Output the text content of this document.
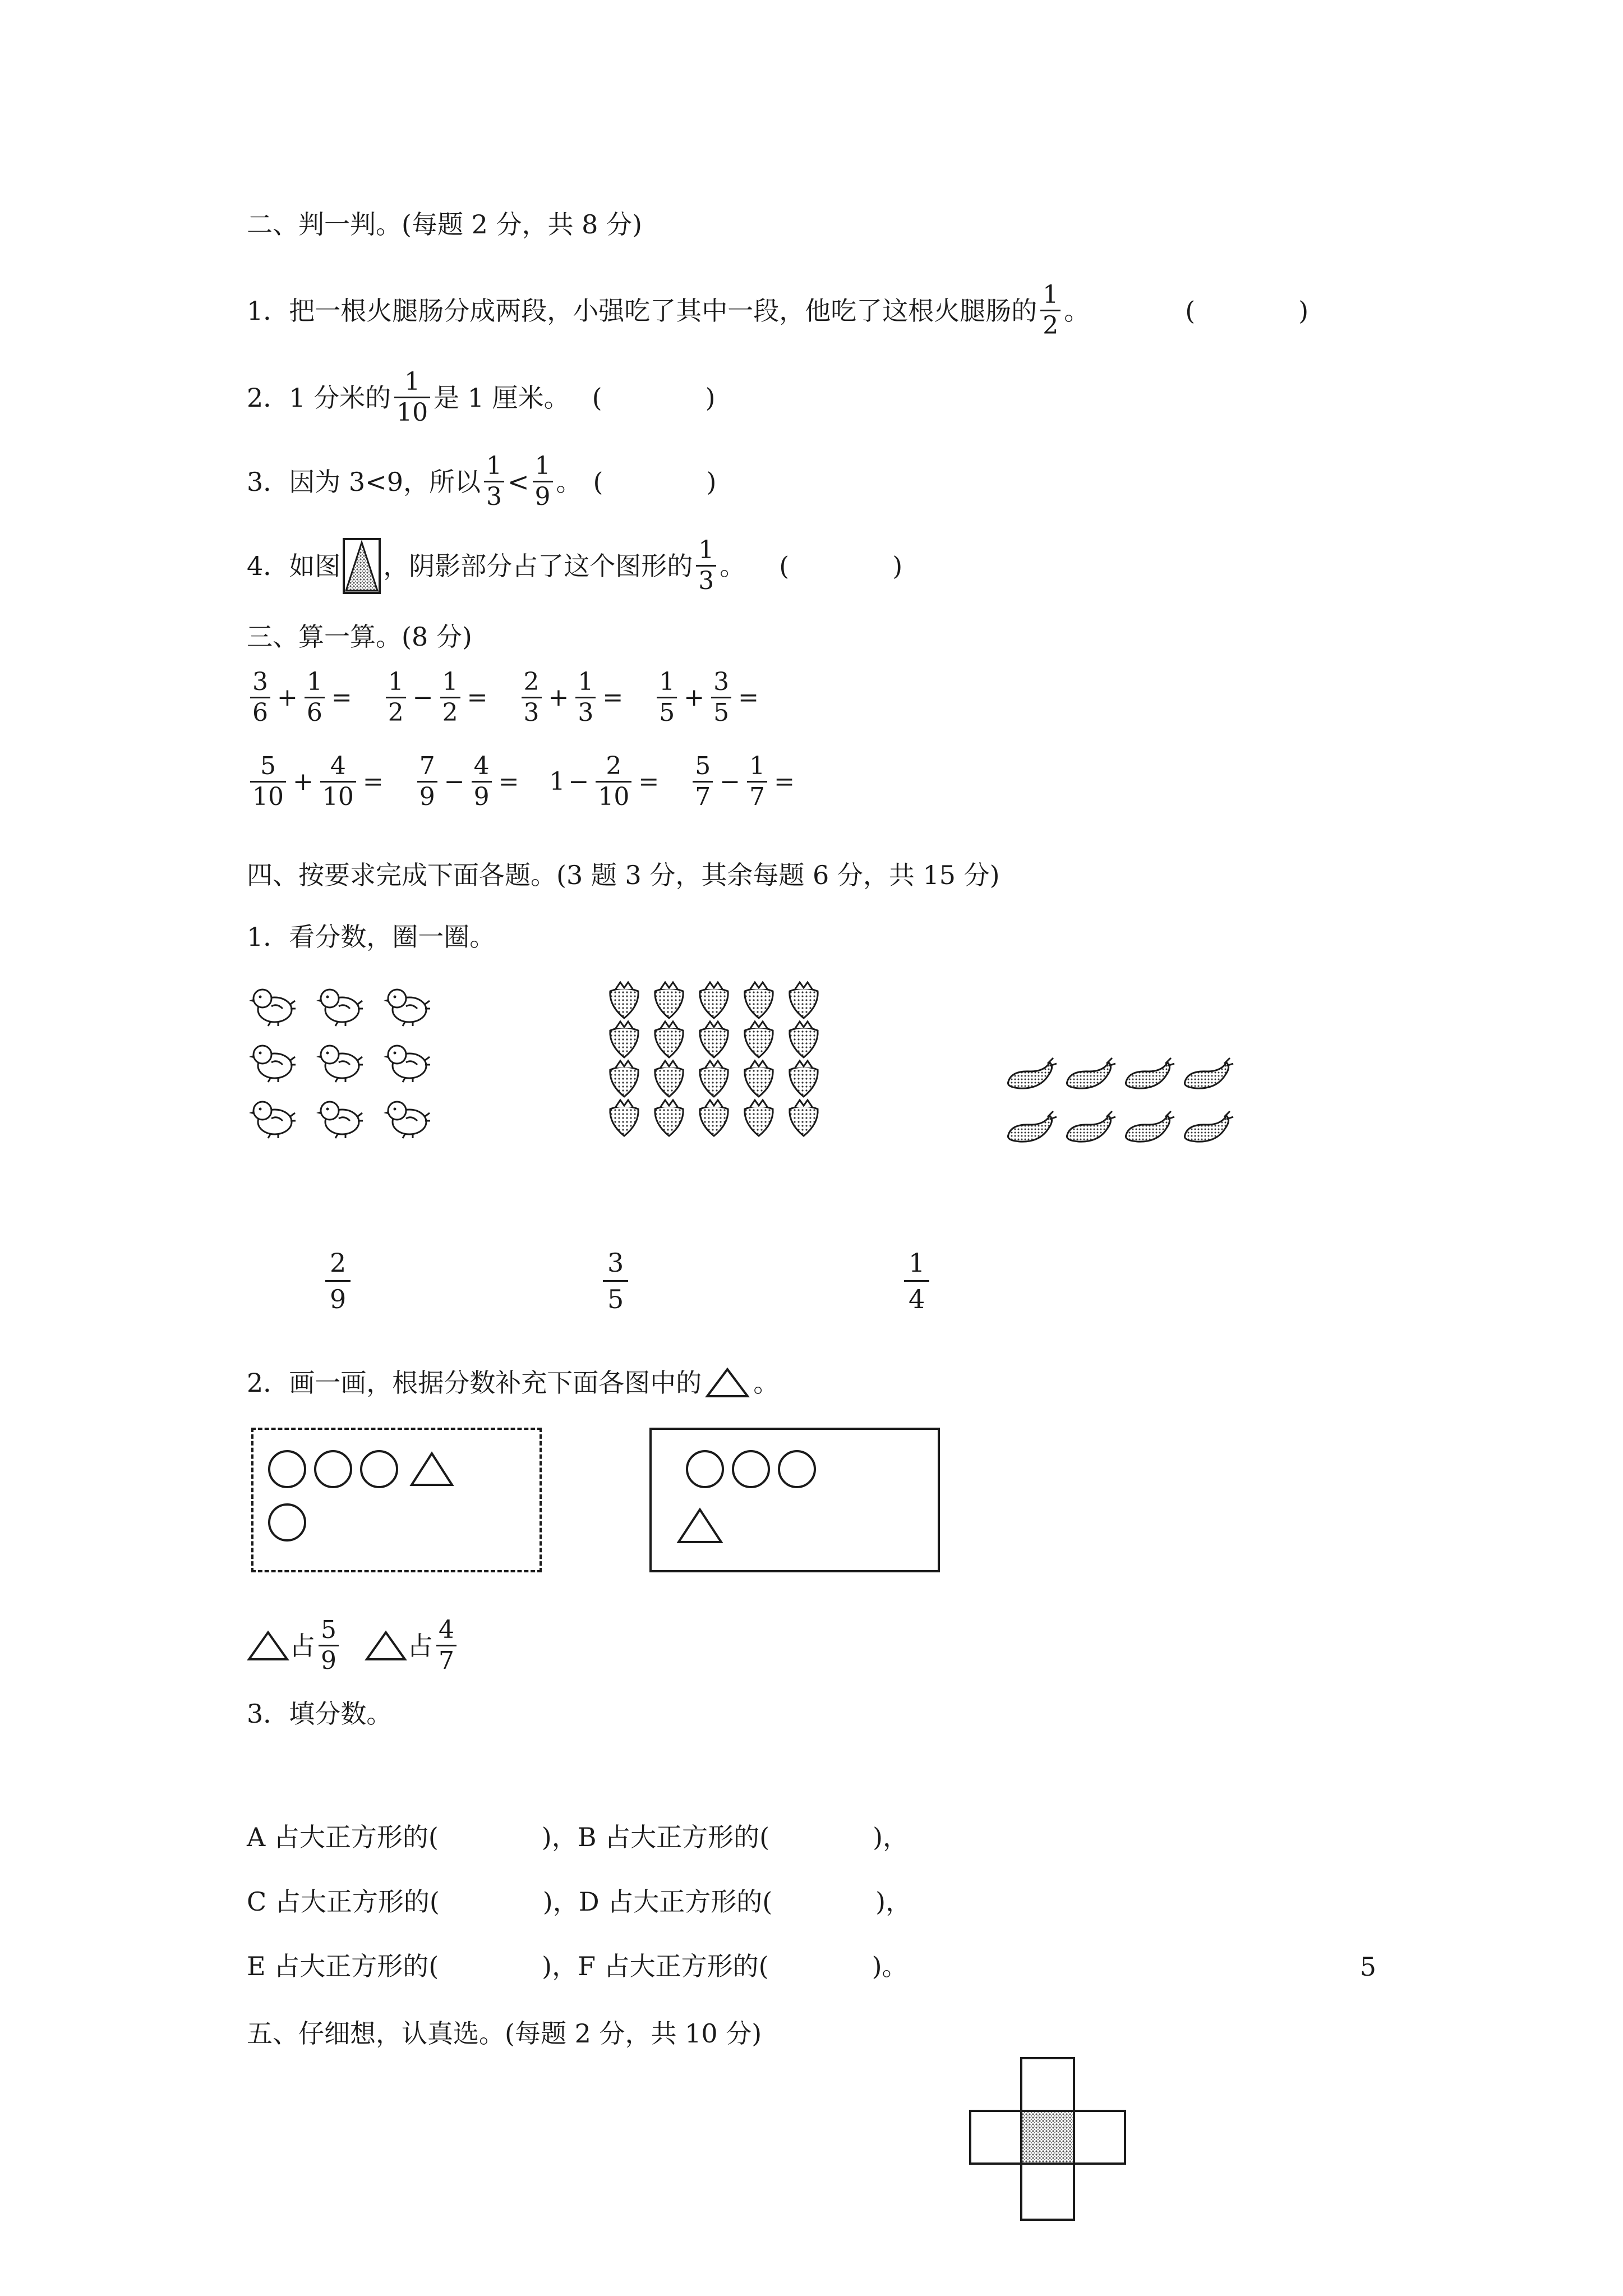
二、判一判。(每题 2 分，共 8 分)
1．把一根火腿肠分成两段，小强吃了其中一段，他吃了这根火腿肠的 $\frac{1}{2}$ 。	(　　　　)
2．1 分米的 $\frac{1}{10}$ 是 1 厘米。 (　　　　)
3．因为 3<9，所以 $\frac{1}{3} < \frac{1}{9}$ 。 (　　　　)
4．如图 ，阴影部分占了这个图形的 $\frac{1}{3}$ 。 (　　　　)
三、算一算。(8 分)
$\frac{3}{6} + \frac{1}{6} = \frac{1}{2} - \frac{1}{2} = \frac{2}{3} + \frac{1}{3} = \frac{1}{5} + \frac{3}{5}$ =
$\frac{5}{10} + \frac{4}{10} = \frac{7}{9} - \frac{4}{9} = 1 - \frac{2}{10} = \frac{5}{7} - \frac{1}{7}$ =
四、按要求完成下面各题。(3 题 3 分，其余每题 6 分，共 15 分)
1．看分数，圈一圈。
$\frac{2}{9}$	$\frac{3}{5}$	$\frac{1}{4}$
2．画一画，根据分数补充下面各图中的 。
占 $\frac{5}{9}$	占 $\frac{4}{7}$
3．填分数。
A 占大正方形的(　　　　)，B 占大正方形的(　　　　)，
C 占大正方形的(　　　　)，D 占大正方形的(　　　　)，
E 占大正方形的(　　　　)，F 占大正方形的(　　　　)。
五、仔细想，认真选。(每题 2 分，共 10 分)
5
